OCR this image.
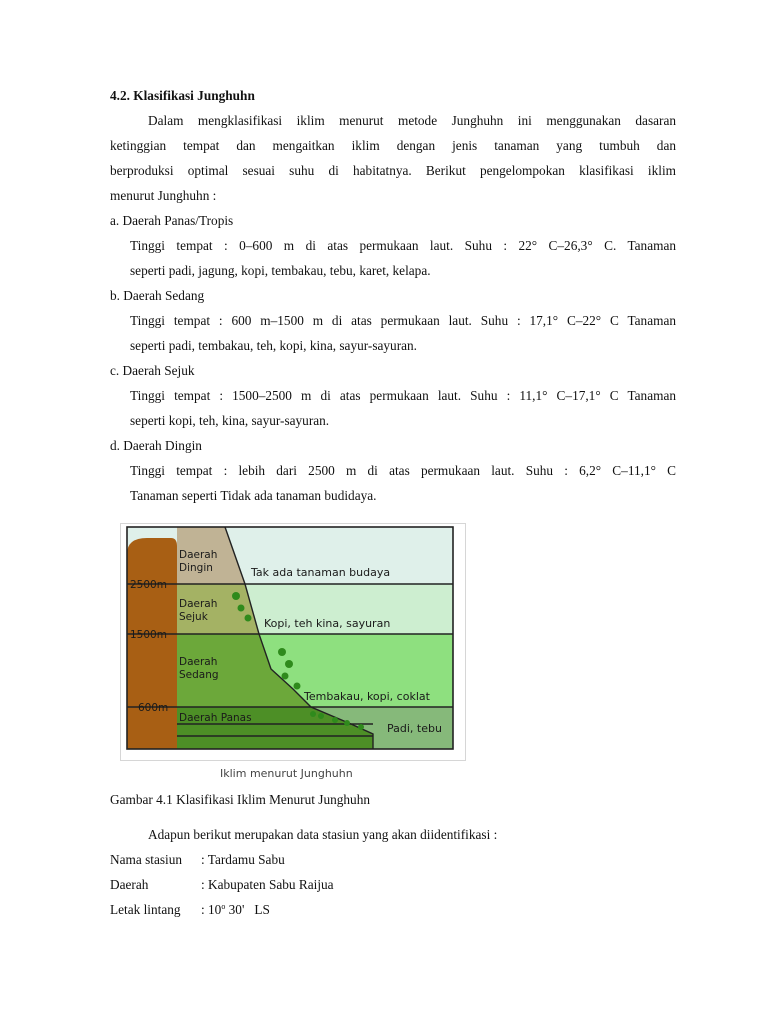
4.2. Klasifikasi Junghuhn
Dalam mengklasifikasi iklim menurut metode Junghuhn ini menggunakan dasaran
ketinggian tempat dan mengaitkan iklim dengan jenis tanaman yang tumbuh dan
berproduksi optimal sesuai suhu di habitatnya. Berikut pengelompokan klasifikasi iklim
menurut Junghuhn :
a. Daerah Panas/Tropis
Tinggi tempat : 0–600 m di atas permukaan laut. Suhu : 22° C–26,3° C. Tanaman
seperti padi, jagung, kopi, tembakau, tebu, karet, kelapa.
b. Daerah Sedang
Tinggi tempat : 600 m–1500 m di atas permukaan laut. Suhu : 17,1° C–22° C Tanaman
seperti padi, tembakau, teh, kopi, kina, sayur-sayuran.
c. Daerah Sejuk
Tinggi tempat : 1500–2500 m di atas permukaan laut. Suhu : 11,1° C–17,1° C Tanaman
seperti kopi, teh, kina, sayur-sayuran.
d. Daerah Dingin
Tinggi tempat : lebih dari 2500 m di atas permukaan laut. Suhu : 6,2° C–11,1° C
Tanaman seperti Tidak ada tanaman budidaya.
Daerah
Dingin
Daerah
Sejuk
Daerah
Sedang
Daerah Panas
Tak ada tanaman budaya
Kopi, teh kina, sayuran
Tembakau, kopi, coklat
Padi, tebu
2500m
1500m
600m
Iklim menurut Junghuhn
Gambar 4.1 Klasifikasi Iklim Menurut Junghuhn
Adapun berikut merupakan data stasiun yang akan diidentifikasi :
Nama stasiun : Tardamu Sabu
Daerah	: Kabupaten Sabu Raijua
Letak lintang : 10$^o$ 30'   LS
